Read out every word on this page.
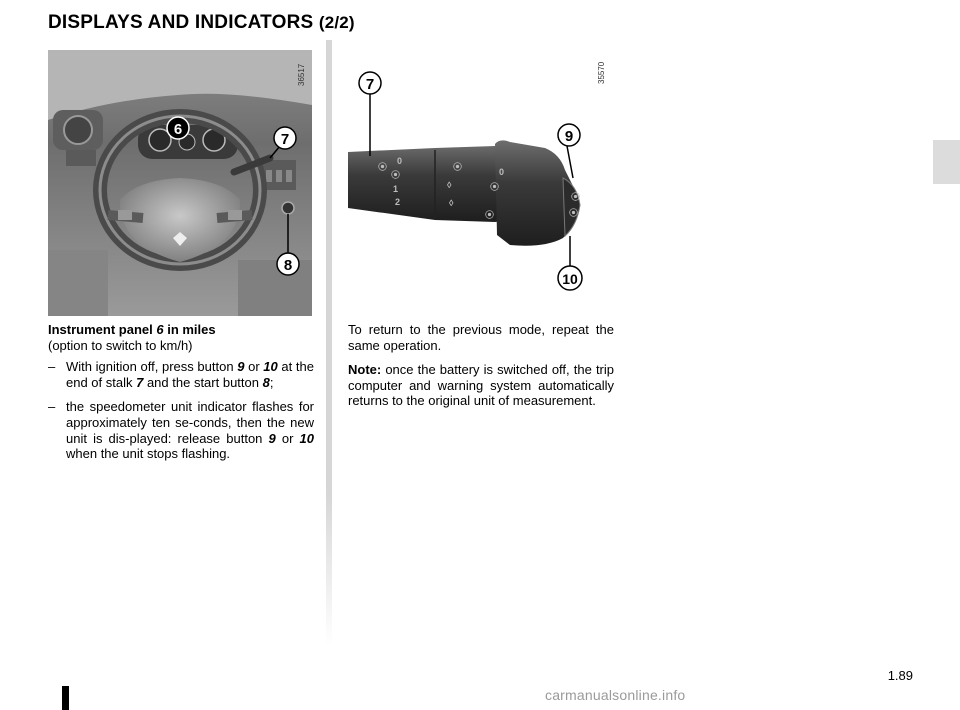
DISPLAYS AND INDICATORS (2/2)
6
7
8
36517
⦿
0
⦿
1
2
⦿
◊
◊
0
⦿
⦿
⦿
⦿
7
9
10
35570

Instrument panel 6 in miles

(option to switch to km/h)

– With ignition off, press button 9 or 10 at the end of stalk 7 and the start button 8;
– the speedometer unit indicator flashes for approximately ten se-conds, then the new unit is dis-played: release button 9 or 10 when the unit stops flashing.

To return to the previous mode, repeat the same operation.

Note: once the battery is switched off, the trip computer and warning system automatically returns to the original unit of measurement.

1.89
carmanualsonline.info
